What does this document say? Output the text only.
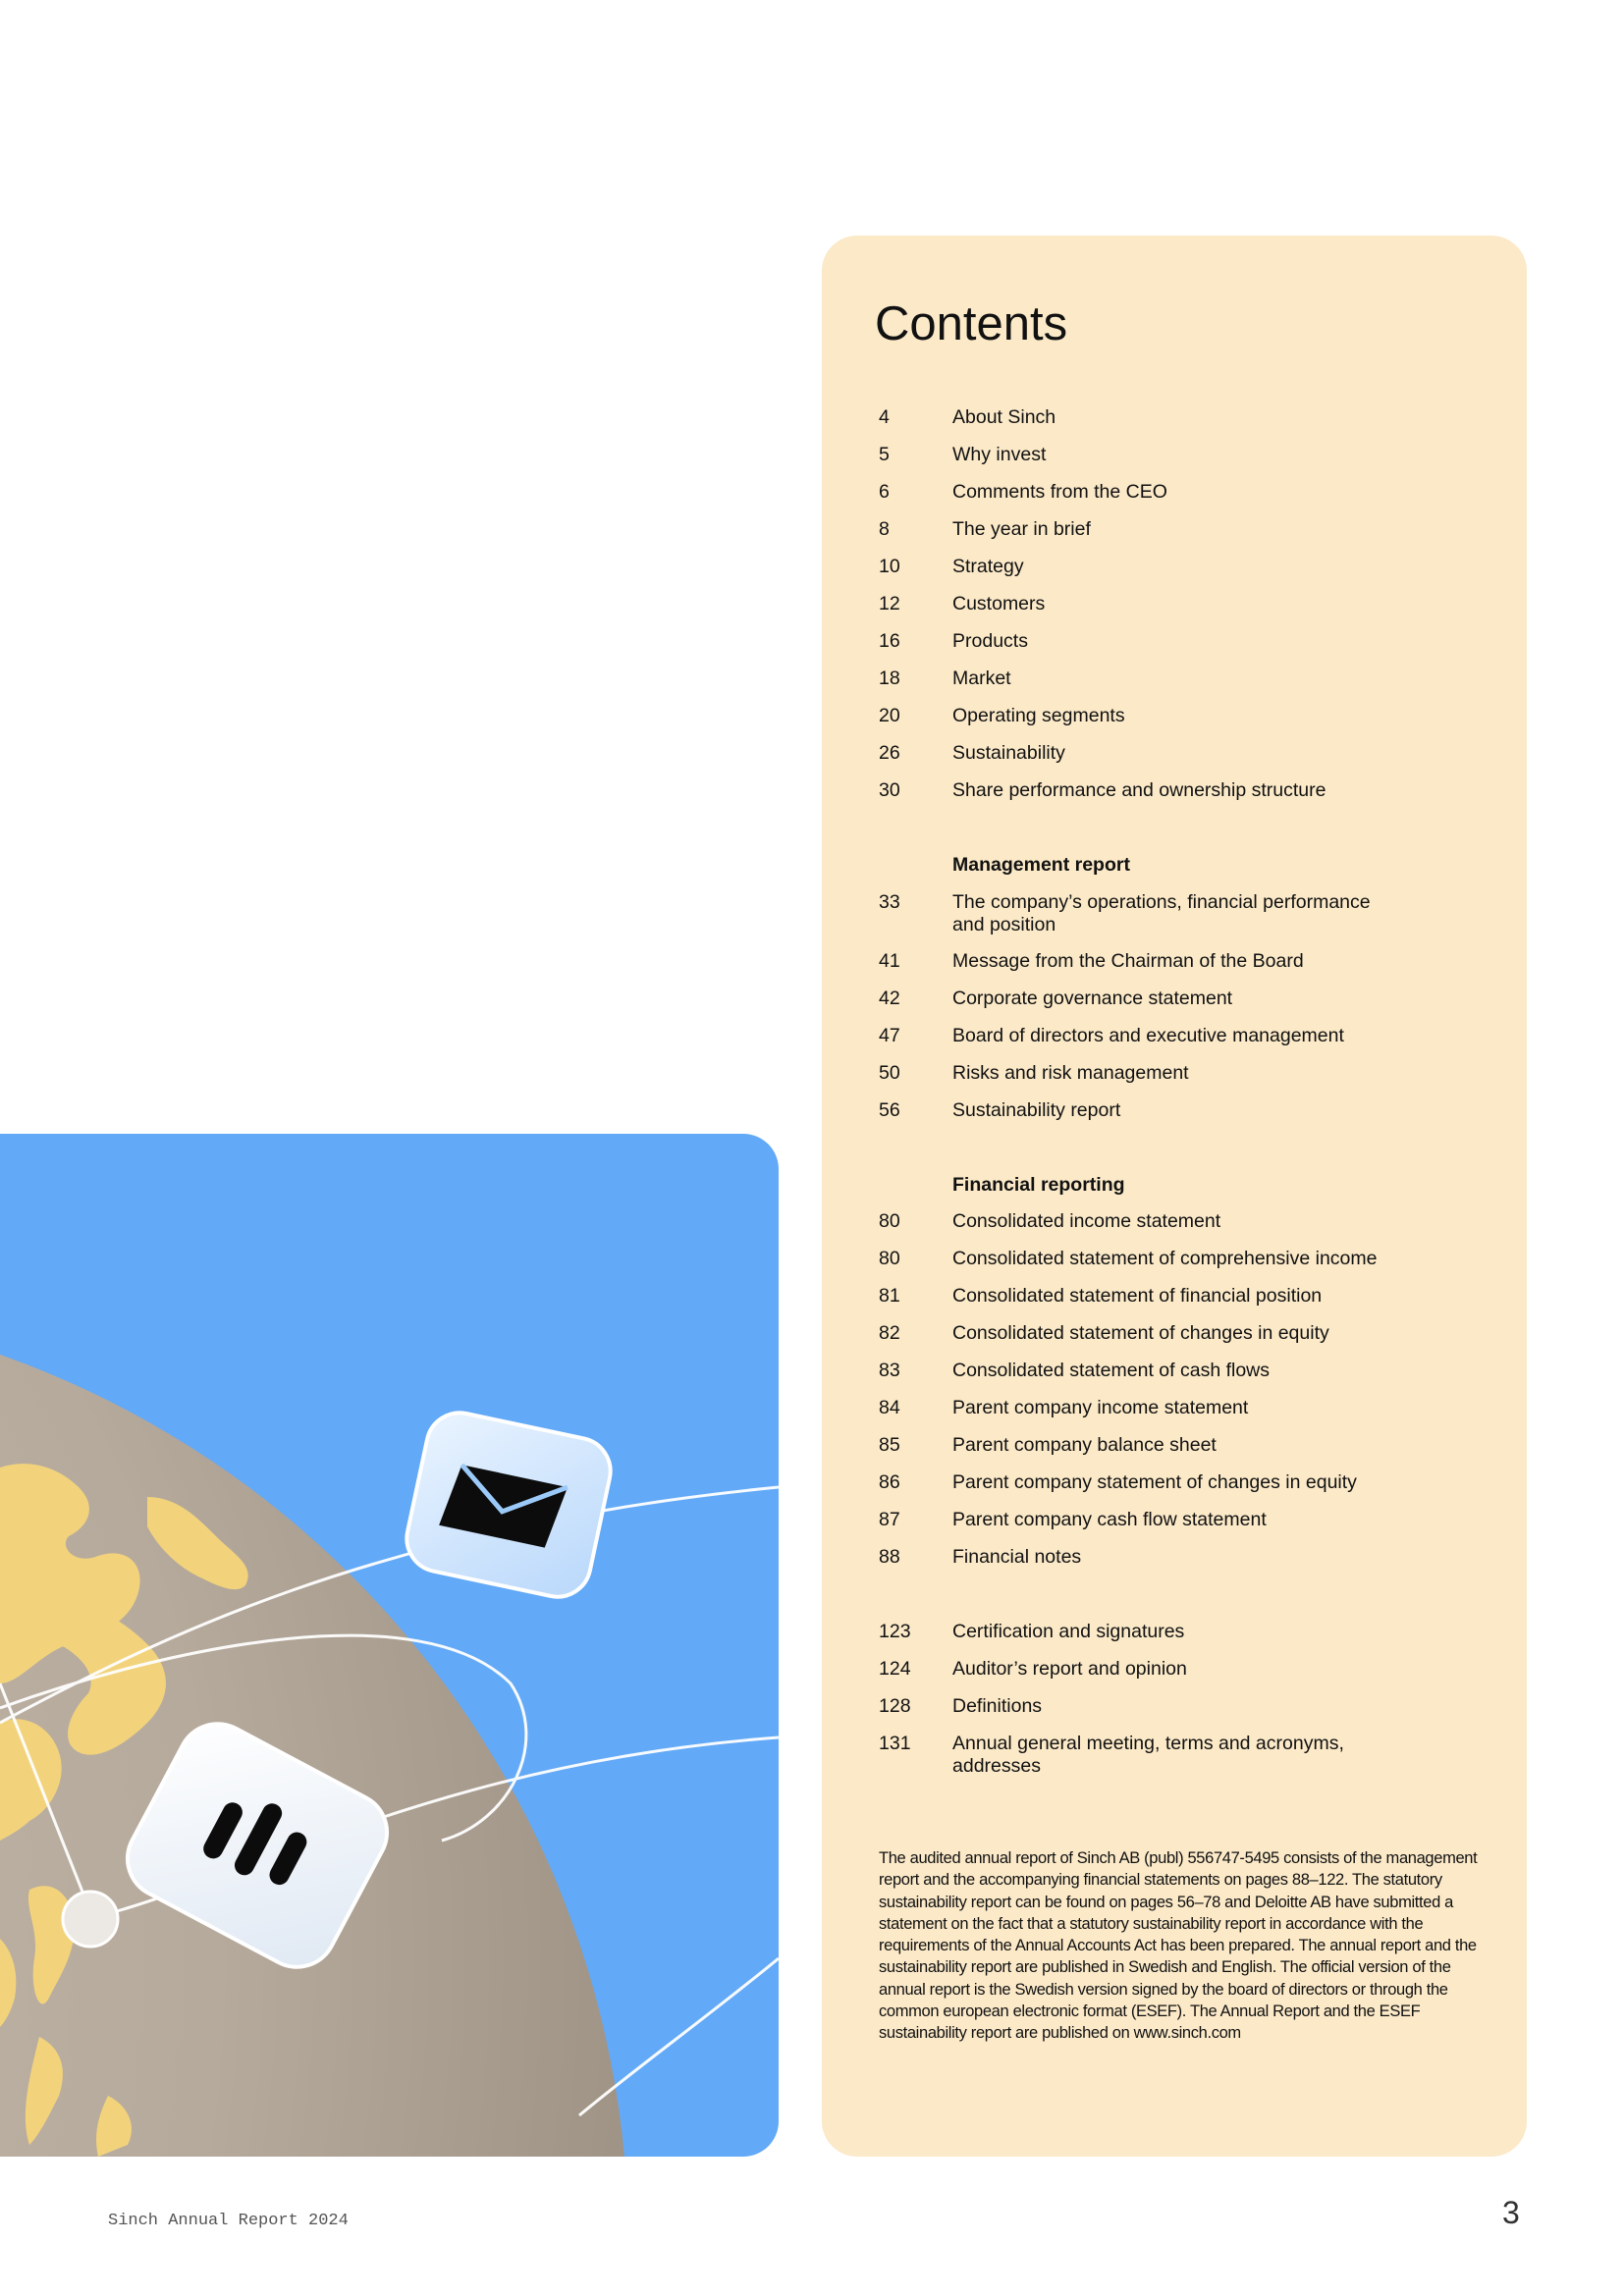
Contents
4	About Sinch
5	Why invest
6	Comments from the CEO
8	The year in brief
10	Strategy
12	Customers
16	Products
18	Market
20	Operating segments
26	Sustainability
30	Share performance and ownership structure
Management report
33	The company’s operations, financial performance and position
41	Message from the Chairman of the Board
42	Corporate governance statement
47	Board of directors and executive management
50	Risks and risk management
56	Sustainability report
Financial reporting
80	Consolidated income statement
80	Consolidated statement of comprehensive income
81	Consolidated statement of financial position
82	Consolidated statement of changes in equity
83	Consolidated statement of cash flows
84	Parent company income statement
85	Parent company balance sheet
86	Parent company statement of changes in equity
87	Parent company cash flow statement
88	Financial notes
123 Certification and signatures
124 Auditor’s report and opinion
128 Definitions
131 Annual general meeting, terms and acronyms, addresses

The audited annual report of Sinch AB (publ) 556747-5495 consists of the management report and the accompanying financial statements on pages 88–122. The statutory sustainability report can be found on pages 56–78 and Deloitte AB have submitted a statement on the fact that a statutory sustainability report in accordance with the requirements of the Annual Accounts Act has been prepared. The annual report and the sustainability report are published in Swedish and English. The official version of the annual report is the Swedish version signed by the board of directors or through the common european electronic format (ESEF). The Annual Report and the ESEF sustainability report are published on www.sinch.com

Sinch Annual Report 2024	3
